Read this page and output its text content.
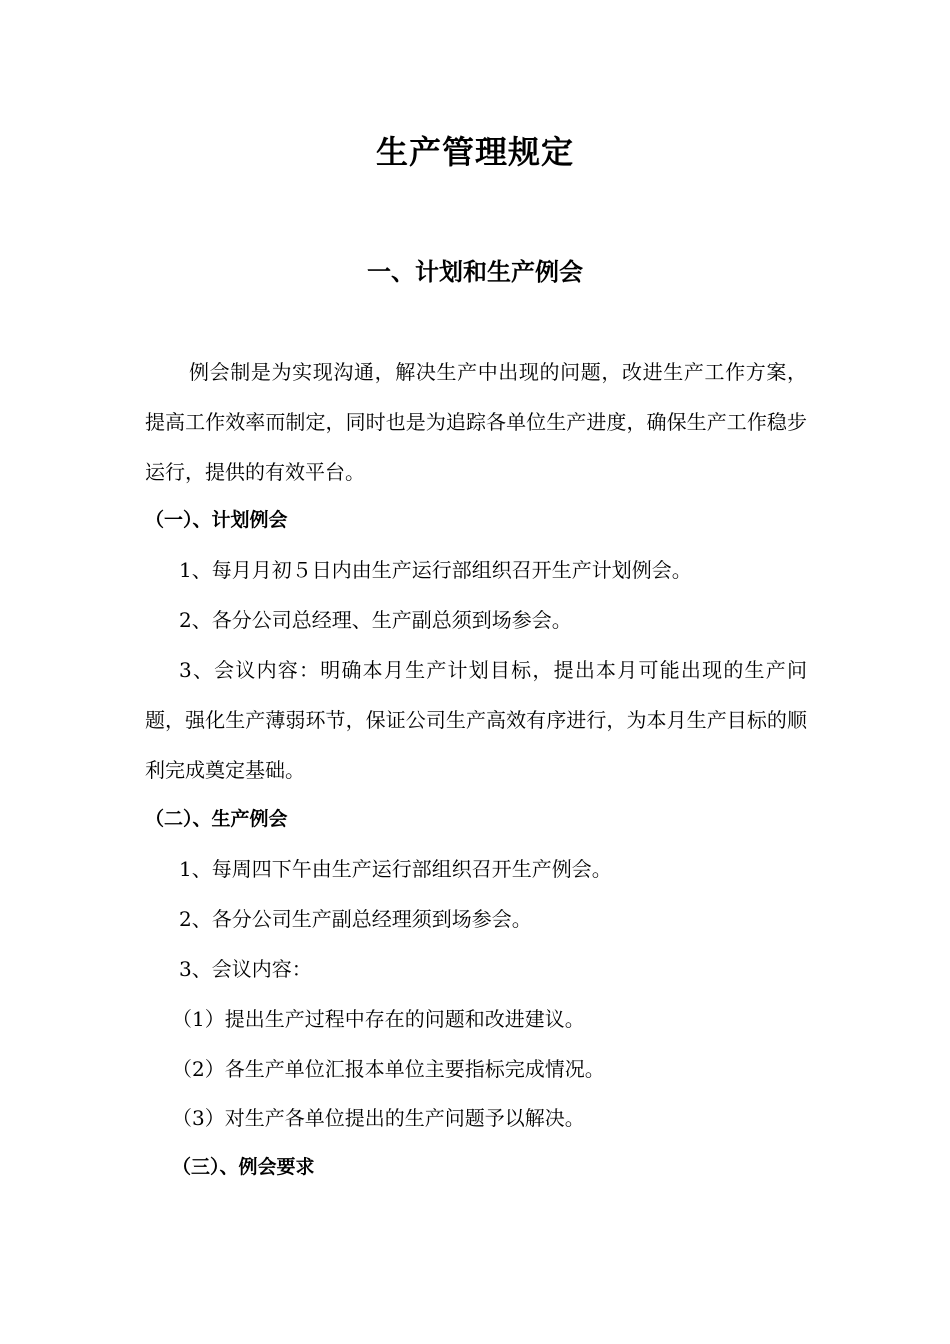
生产管理规定
一、计划和生产例会

例会制是为实现沟通，解决生产中出现的问题，改进生产工作方案，提高工作效率而制定，同时也是为追踪各单位生产进度，确保生产工作稳步运行，提供的有效平台。

（一）、计划例会

1、每月月初５日内由生产运行部组织召开生产计划例会。

2、各分公司总经理、生产副总须到场参会。

3、会议内容：明确本月生产计划目标，提出本月可能出现的生产问题，强化生产薄弱环节，保证公司生产高效有序进行，为本月生产目标的顺利完成奠定基础。

（二）、生产例会

1、每周四下午由生产运行部组织召开生产例会。

2、各分公司生产副总经理须到场参会。

3、会议内容：

（1）提出生产过程中存在的问题和改进建议。

（2）各生产单位汇报本单位主要指标完成情况。

（3）对生产各单位提出的生产问题予以解决。

（三）、例会要求
